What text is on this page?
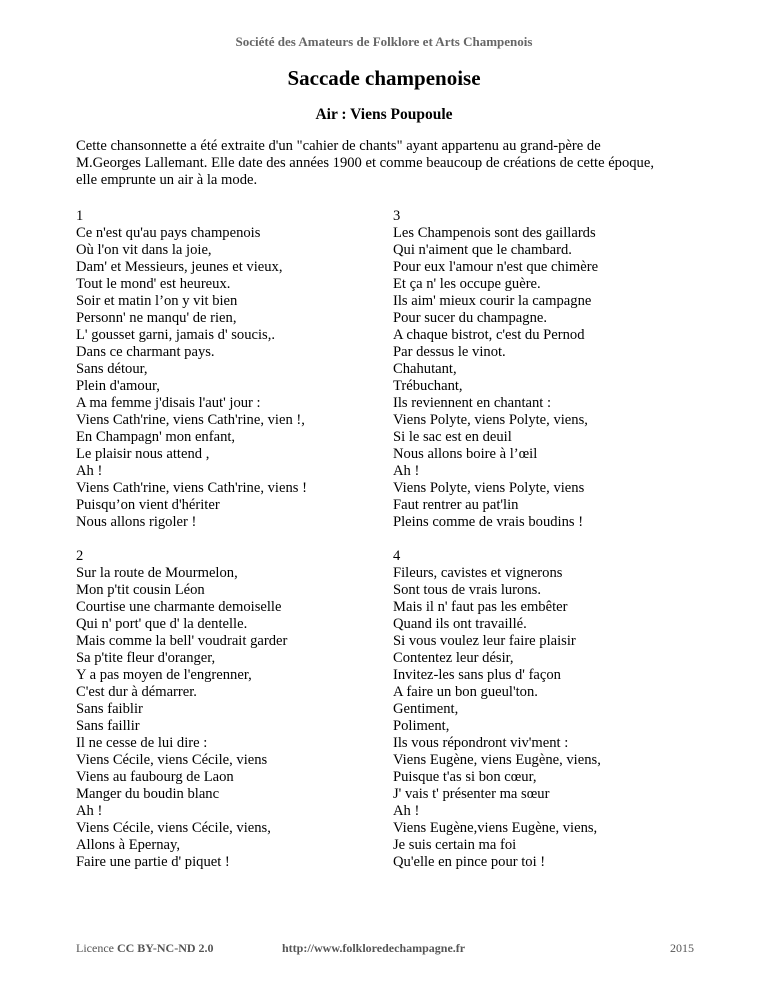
Société des Amateurs de Folklore et Arts Champenois
Saccade champenoise
Air : Viens Poupoule
Cette chansonnette a été extraite d'un "cahier de chants" ayant appartenu au grand-père de
M.Georges Lallemant. Elle date des années 1900 et comme beaucoup de créations de cette époque,
elle emprunte un air à la mode.
1
Ce n'est qu'au pays champenois
Où l'on vit dans la joie,
Dam' et Messieurs, jeunes et vieux,
Tout le mond' est heureux.
Soir et matin l’on y vit bien
Personn' ne manqu' de rien,
L' gousset garni, jamais d' soucis,.
Dans ce charmant pays.
Sans détour,
Plein d'amour,
A ma femme j'disais l'aut' jour :
Viens Cath'rine, viens Cath'rine, vien !,
En Champagn' mon enfant,
Le plaisir nous attend ,
Ah !
Viens Cath'rine, viens Cath'rine, viens !
Puisqu’on vient d'hériter
Nous allons rigoler !
3
Les Champenois sont des gaillards
Qui n'aiment que le chambard.
Pour eux l'amour n'est que chimère
Et ça n' les occupe guère.
Ils aim' mieux courir la campagne
Pour sucer du champagne.
A chaque bistrot, c'est du Pernod
Par dessus le vinot.
Chahutant,
Trébuchant,
Ils reviennent en chantant :
Viens Polyte, viens Polyte, viens,
Si le sac est en deuil
Nous allons boire à l’œil
Ah !
Viens Polyte, viens Polyte, viens
Faut rentrer au pat'lin
Pleins comme de vrais boudins !
2
Sur la route de Mourmelon,
Mon p'tit cousin Léon
Courtise une charmante demoiselle
Qui n' port' que d' la dentelle.
Mais comme la bell' voudrait garder
Sa p'tite fleur d'oranger,
Y a pas moyen de l'engrenner,
C'est dur à démarrer.
Sans faiblir
Sans faillir
Il ne cesse de lui dire :
Viens Cécile, viens Cécile, viens
Viens au faubourg de Laon
Manger du boudin blanc
Ah !
Viens Cécile, viens Cécile, viens,
Allons à Epernay,
Faire une partie d' piquet !
4
Fileurs, cavistes et vignerons
Sont tous de vrais lurons.
Mais il n' faut pas les embêter
Quand ils ont travaillé.
Si vous voulez leur faire plaisir
Contentez leur désir,
Invitez-les sans plus d' façon
A faire un bon gueul'ton.
Gentiment,
Poliment,
Ils vous répondront viv'ment :
Viens Eugène, viens Eugène, viens,
Puisque t'as si bon cœur,
J' vais t' présenter ma sœur
Ah !
Viens Eugène,viens Eugène, viens,
Je suis certain ma foi
Qu'elle en pince pour toi !
Licence CC BY-NC-ND 2.0	http://www.folkloredechampagne.fr	2015
